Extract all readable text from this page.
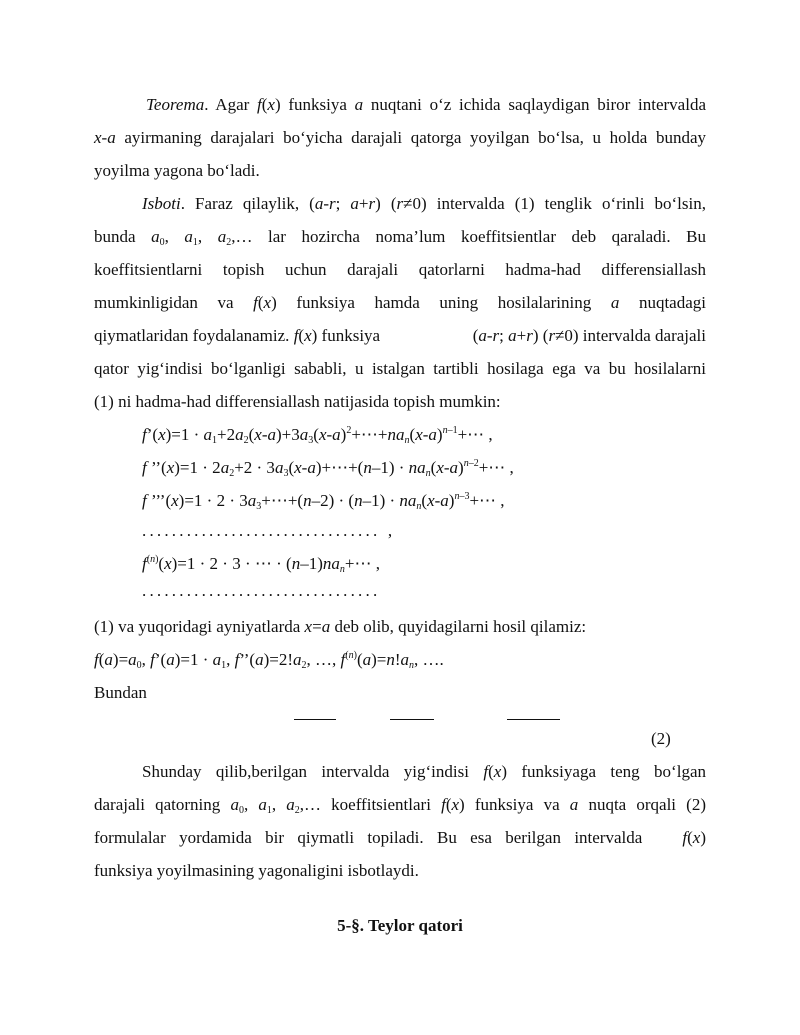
Teorema. Agar f(x) funksiya a nuqtani o‘z ichida saqlaydigan biror intervalda
x-a ayirmaning darajalari bo‘yicha darajali qatorga yoyilgan bo‘lsa, u holda bunday
yoyilma yagona bo‘ladi.
Isboti. Faraz qilaylik, (a-r; a+r) (r≠0) intervalda (1) tenglik o‘rinli bo‘lsin,
bunda $a_0$, $a_1$, $a_2,\dots$ lar hozircha noma’lum koeffitsientlar deb qaraladi. Bu
koeffitsientlarni topish uchun darajali qatorlarni hadma-had differensiallash
mumkinligidan va f(x) funksiya hamda uning hosilalarining a nuqtadagi
qiymatlaridan foydalanamiz. f(x) funksiya	(a-r; a+r) (r≠0) intervalda darajali
qator yig‘indisi bo‘lganligi sababli, u istalgan tartibli hosilaga ega va bu hosilalarni
(1) ni hadma-had differensiallash natijasida topish mumkin:
f’(x)=1 · $a_1+2a_2(x-a)+3a_3(x-a)^2+\cdots+na_n(x-a)^{n-1}+\cdots$ ,
f ’’(x)=1 · $2a_2+2$ · $3a_3(x-a)+\cdots+(n-1)$ · $na_n(x-a)^{n-2}+\cdots$ ,
f ’’’(x)=1 · $2 \cdot 3a_3+\cdots+(n-2) \cdot (n-1)$ · $na_n(x-a)^{n-3}+\cdots$ ,
................................ ,
$f^{(n)}(x)=1 \cdot 2 \cdot 3$ · ⋯ · $(n-1)na_n+\cdots$ ,
................................
(1) va yuqoridagi ayniyatlarda x=a deb olib, quyidagilarni hosil qilamiz:
$f(a)=a_0$, f’(a)=1 · $a_1$, $f’’(a)=2!a_2$, …, $f^{(n)}(a)=n!a_n$, ….
Bundan
(2)
Shunday qilib,berilgan intervalda yig‘indisi f(x) funksiyaga teng bo‘lgan
darajali qatorning $a_0$, $a_1$, $a_2,\dots$ koeffitsientlari f(x) funksiya va a nuqta orqali (2)
formulalar yordamida bir qiymatli topiladi. Bu esa berilgan intervalda   f(x)
funksiya yoyilmasining yagonaligini isbotlaydi.
5-§. Teylor qatori
